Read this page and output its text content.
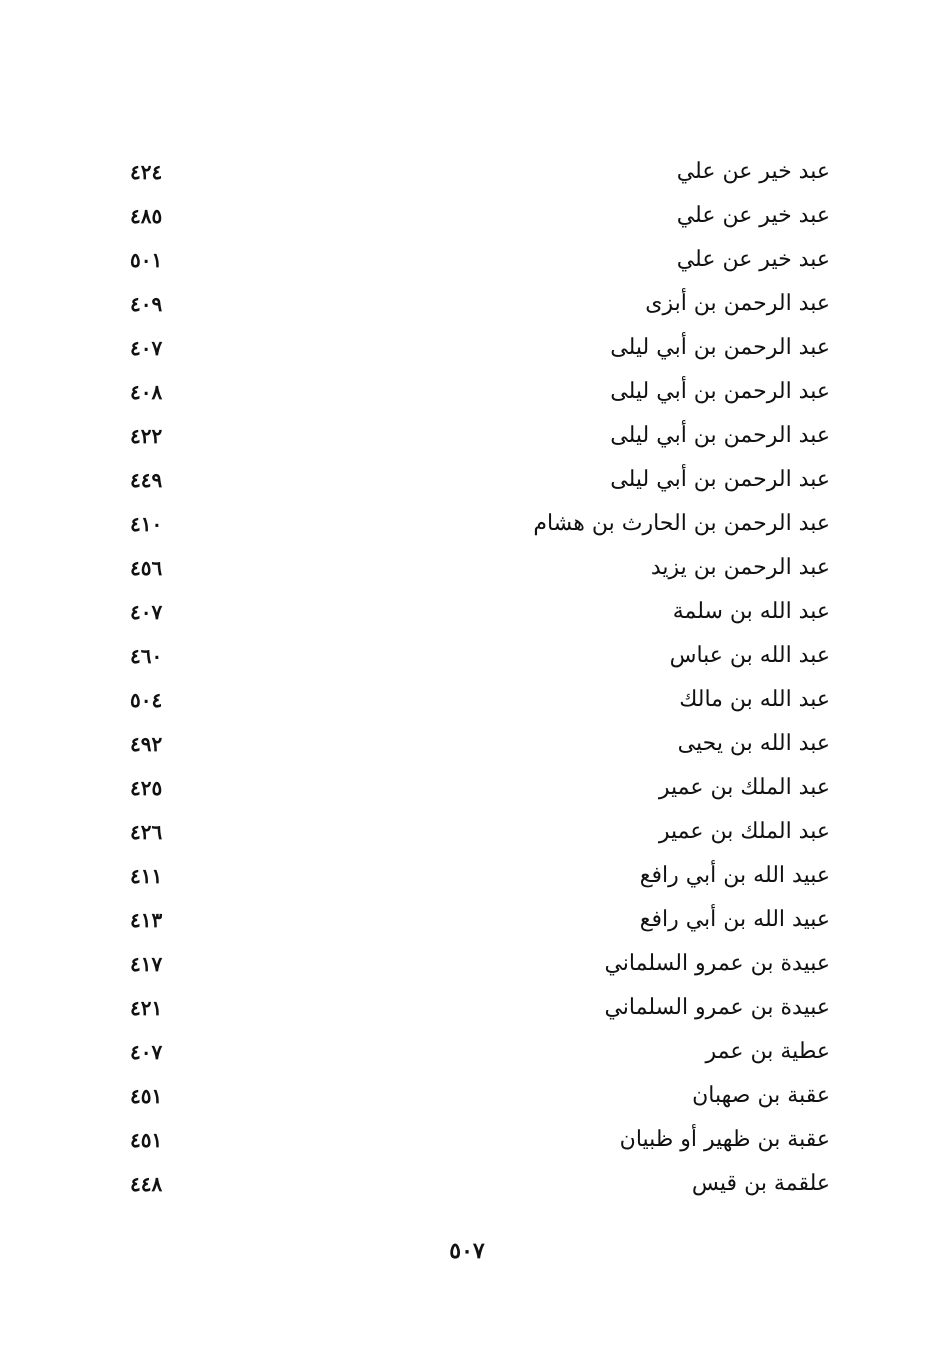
عبد خير عن علي
٤٢٤
عبد خير عن علي
٤٨٥
عبد خير عن علي
٥٠١
عبد الرحمن بن أبزى
٤٠٩
عبد الرحمن بن أبي ليلى
٤٠٧
عبد الرحمن بن أبي ليلى
٤٠٨
عبد الرحمن بن أبي ليلى
٤٢٢
عبد الرحمن بن أبي ليلى
٤٤٩
عبد الرحمن بن الحارث بن هشام
٤١٠
عبد الرحمن بن يزيد
٤٥٦
عبد الله بن سلمة
٤٠٧
عبد الله بن عباس
٤٦٠
عبد الله بن مالك
٥٠٤
عبد الله بن يحيى
٤٩٢
عبد الملك بن عمير
٤٢٥
عبد الملك بن عمير
٤٢٦
عبيد الله بن أبي رافع
٤١١
عبيد الله بن أبي رافع
٤١٣
عبيدة بن عمرو السلماني
٤١٧
عبيدة بن عمرو السلماني
٤٢١
عطية بن عمر
٤٠٧
عقبة بن صهبان
٤٥١
عقبة بن ظهير أو ظبيان
٤٥١
علقمة بن قيس
٤٤٨
٥٠٧
